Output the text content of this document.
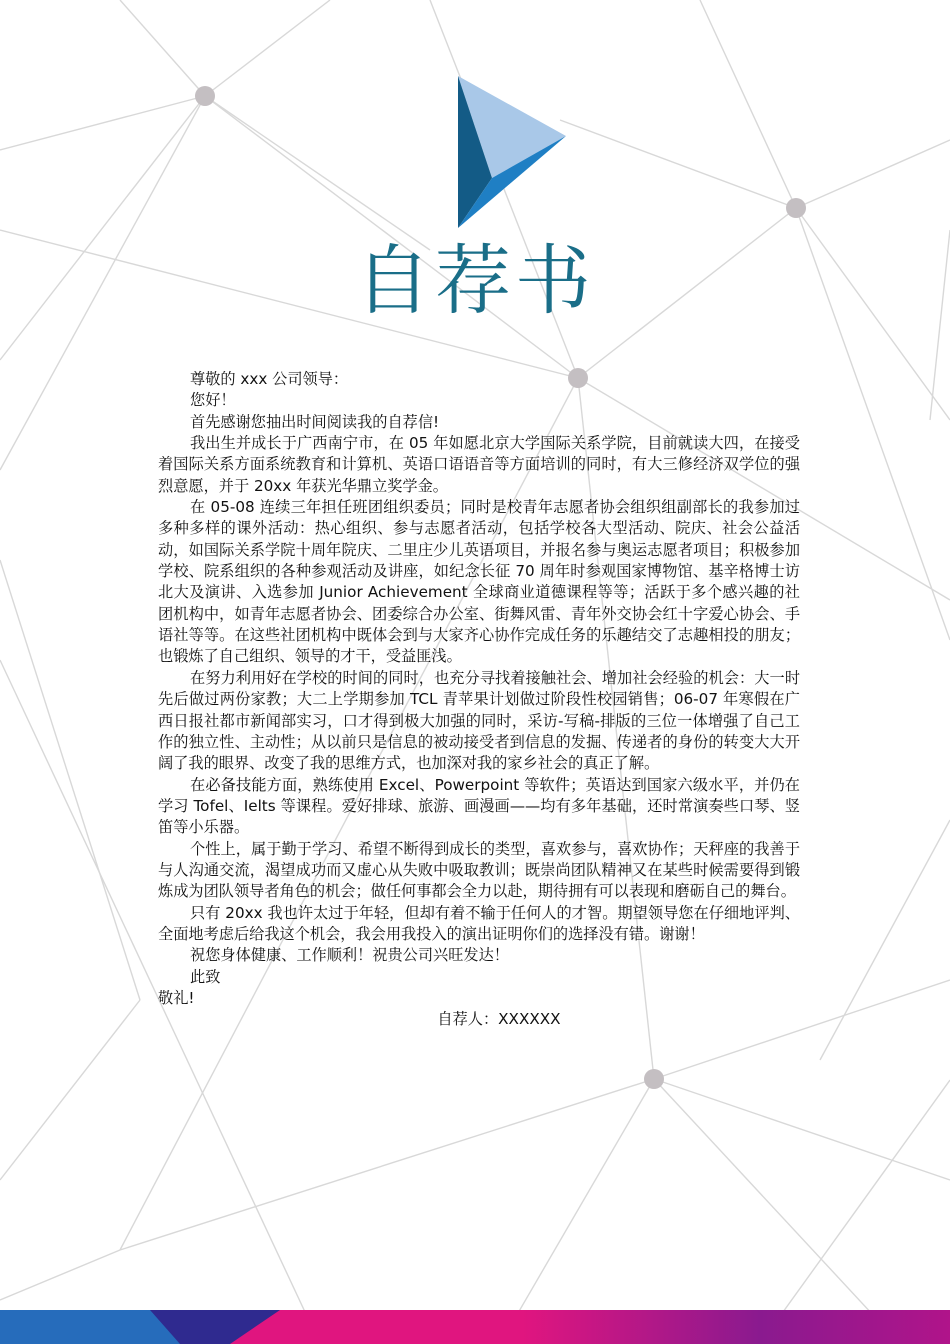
自荐书

尊敬的 xxx 公司领导：

您好！

首先感谢您抽出时间阅读我的自荐信!

我出生并成长于广西南宁市，在 05 年如愿北京大学国际关系学院，目前就读大四，在接受着国际关系方面系统教育和计算机、英语口语语音等方面培训的同时，有大三修经济双学位的强烈意愿，并于 20xx 年获光华鼎立奖学金。

在 05-08 连续三年担任班团组织委员；同时是校青年志愿者协会组织组副部长的我参加过多种多样的课外活动：热心组织、参与志愿者活动，包括学校各大型活动、院庆、社会公益活动，如国际关系学院十周年院庆、二里庄少儿英语项目，并报名参与奥运志愿者项目；积极参加学校、院系组织的各种参观活动及讲座，如纪念长征 70 周年时参观国家博物馆、基辛格博士访北大及演讲、入选参加 Junior Achievement 全球商业道德课程等等；活跃于多个感兴趣的社团机构中，如青年志愿者协会、团委综合办公室、街舞风雷、青年外交协会红十字爱心协会、手语社等等。在这些社团机构中既体会到与大家齐心协作完成任务的乐趣结交了志趣相投的朋友；也锻炼了自己组织、领导的才干，受益匪浅。

在努力利用好在学校的时间的同时，也充分寻找着接触社会、增加社会经验的机会：大一时先后做过两份家教；大二上学期参加 TCL 青苹果计划做过阶段性校园销售；06-07 年寒假在广西日报社都市新闻部实习，口才得到极大加强的同时，采访-写稿-排版的三位一体增强了自己工作的独立性、主动性；从以前只是信息的被动接受者到信息的发掘、传递者的身份的转变大大开阔了我的眼界、改变了我的思维方式，也加深对我的家乡社会的真正了解。

在必备技能方面，熟练使用 Excel、Powerpoint 等软件；英语达到国家六级水平，并仍在学习 Tofel、Ielts 等课程。爱好排球、旅游、画漫画——均有多年基础，还时常演奏些口琴、竖笛等小乐器。

个性上，属于勤于学习、希望不断得到成长的类型，喜欢参与，喜欢协作；天秤座的我善于与人沟通交流，渴望成功而又虚心从失败中吸取教训；既崇尚团队精神又在某些时候需要得到锻炼成为团队领导者角色的机会；做任何事都会全力以赴，期待拥有可以表现和磨砺自己的舞台。

只有 20xx 我也许太过于年轻，但却有着不输于任何人的才智。期望领导您在仔细地评判、全面地考虑后给我这个机会，我会用我投入的演出证明你们的选择没有错。谢谢！

祝您身体健康、工作顺利！祝贵公司兴旺发达！

此致

敬礼!

自荐人：XXXXXX
